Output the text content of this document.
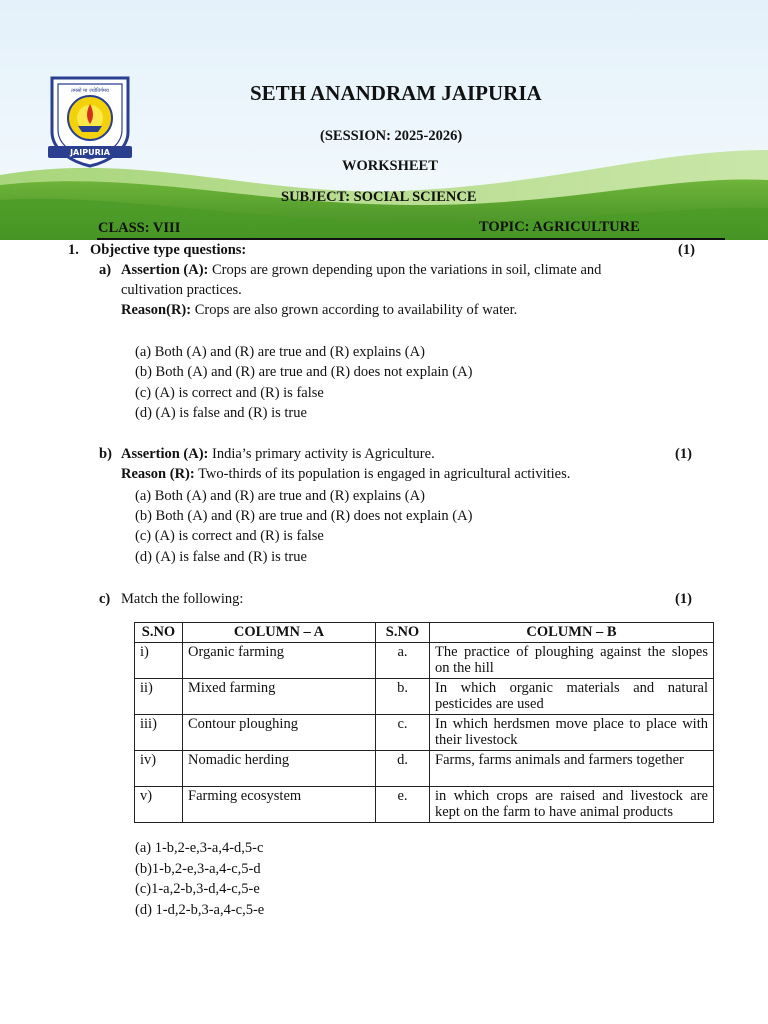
JAIPURIA
तमसो मा ज्योतिर्गमय	SETH ANANDRAM JAIPURIA
(SESSION: 2025-2026)
WORKSHEET
SUBJECT: SOCIAL SCIENCE
CLASS: VIII	TOPIC: AGRICULTURE
1. Objective type questions:	(1)
a) Assertion (A): Crops are grown depending upon the variations in soil, climate and
cultivation practices.
Reason(R): Crops are also grown according to availability of water.
(a) Both (A) and (R) are true and (R) explains (A)
(b) Both (A) and (R) are true and (R) does not explain (A)
(c) (A) is correct and (R) is false
(d) (A) is false and (R) is true
b) Assertion (A): India’s primary activity is Agriculture.	(1)
Reason (R): Two-thirds of its population is engaged in agricultural activities.
(a) Both (A) and (R) are true and (R) explains (A)
(b) Both (A) and (R) are true and (R) does not explain (A)
(c) (A) is correct and (R) is false
(d) (A) is false and (R) is true
c) Match the following:	(1)
S.NO	COLUMN – A	S.NO	COLUMN – B
i)	Organic farming	a.	The practice of ploughing against the slopes on the hill
ii)	Mixed farming	b.	In which organic materials and natural pesticides are used
iii)	Contour ploughing	c.	In which herdsmen move place to place with their livestock
iv)	Nomadic herding	d.	Farms, farms animals and farmers together
v)	Farming ecosystem	e.	in which crops are raised and livestock are kept on the farm to have animal products
(a) 1-b,2-e,3-a,4-d,5-c
(b)1-b,2-e,3-a,4-c,5-d
(c)1-a,2-b,3-d,4-c,5-e
(d) 1-d,2-b,3-a,4-c,5-e
